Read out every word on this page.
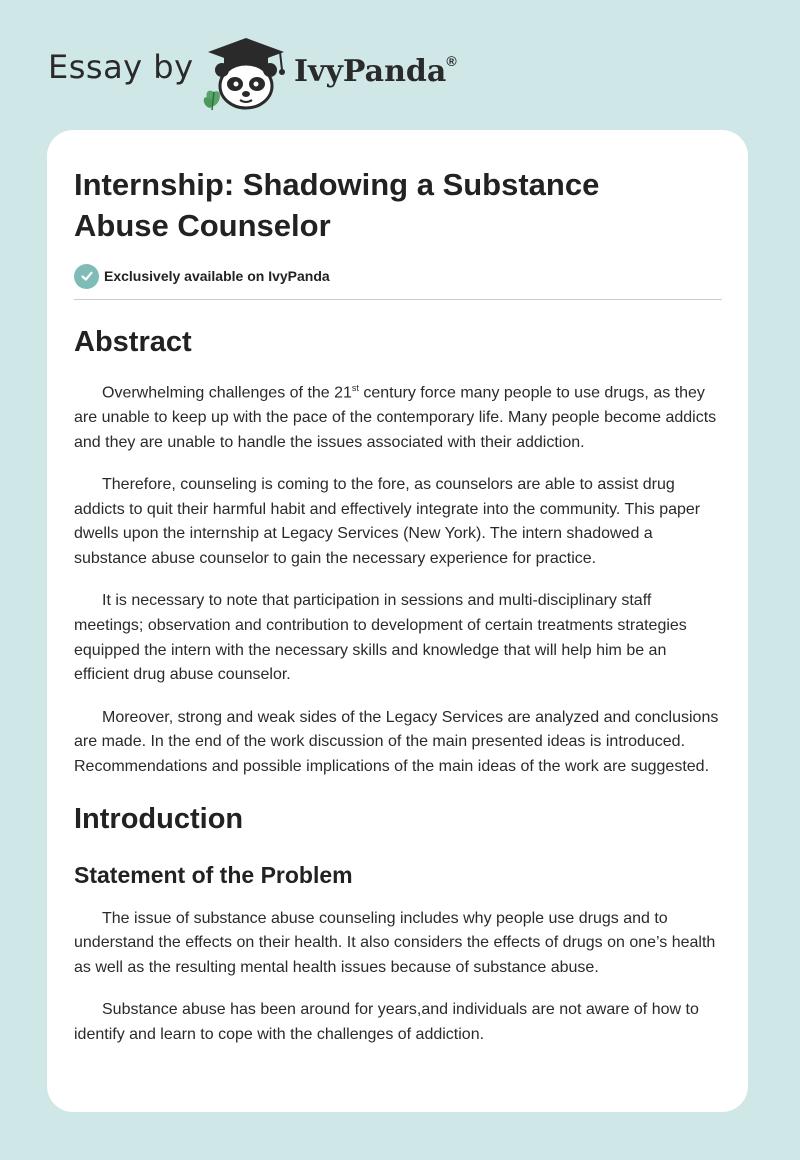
Essay by	IvyPanda®
Internship: Shadowing a Substance Abuse Counselor
Exclusively available on IvyPanda
Abstract

Overwhelming challenges of the 21st century force many people to use drugs, as they are unable to keep up with the pace of the contemporary life. Many people become addicts and they are unable to handle the issues associated with their addiction.

Therefore, counseling is coming to the fore, as counselors are able to assist drug addicts to quit their harmful habit and effectively integrate into the community. This paper dwells upon the internship at Legacy Services (New York). The intern shadowed a substance abuse counselor to gain the necessary experience for practice.

It is necessary to note that participation in sessions and multi-disciplinary staff meetings; observation and contribution to development of certain treatments strategies equipped the intern with the necessary skills and knowledge that will help him be an efficient drug abuse counselor.

Moreover, strong and weak sides of the Legacy Services are analyzed and conclusions are made. In the end of the work discussion of the main presented ideas is introduced. Recommendations and possible implications of the main ideas of the work are suggested.

Introduction
Statement of the Problem

The issue of substance abuse counseling includes why people use drugs and to understand the effects on their health. It also considers the effects of drugs on one’s health as well as the resulting mental health issues because of substance abuse.

Substance abuse has been around for years,and individuals are not aware of how to identify and learn to cope with the challenges of addiction.
